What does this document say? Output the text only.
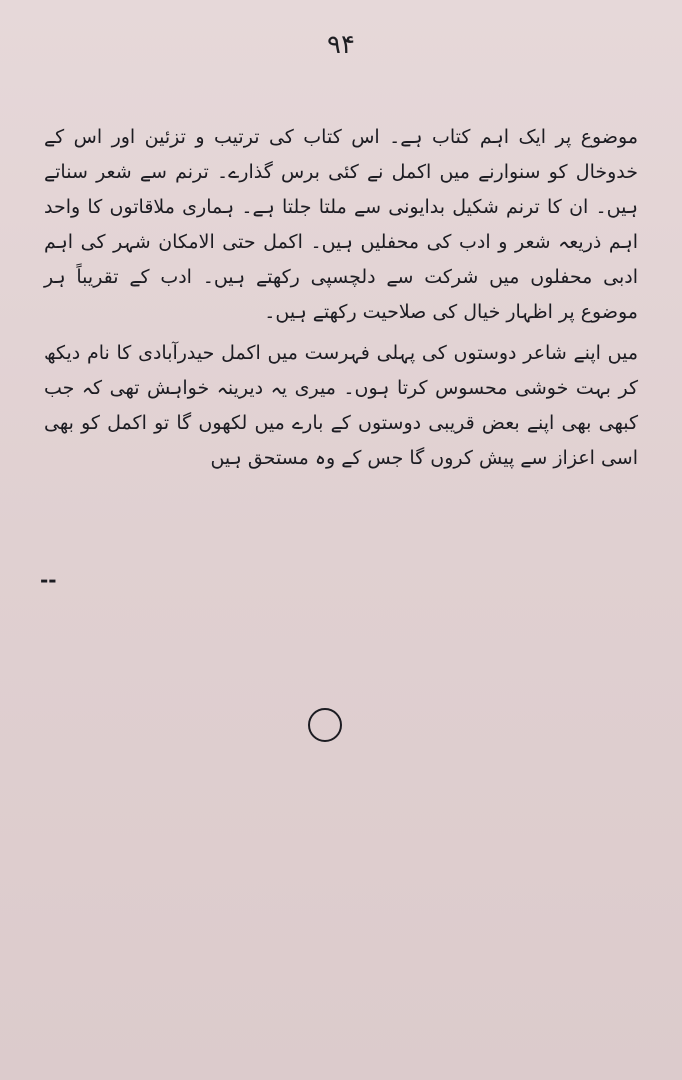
۹۴

موضوع پر ایک اہم کتاب ہے۔ اس کتاب کی ترتیب و تزئین اور اس کے خدوخال کو سنوارنے میں اکمل نے کئی برس گذارے۔ ترنم سے شعر سناتے ہیں۔ ان کا ترنم شکیل بدایونی سے ملتا جلتا ہے۔ ہماری ملاقاتوں کا واحد اہم ذریعہ شعر و ادب کی محفلیں ہیں۔ اکمل حتی الامکان شہر کی اہم ادبی محفلوں میں شرکت سے دلچسپی رکھتے ہیں۔ ادب کے تقریباً ہر موضوع پر اظہار خیال کی صلاحیت رکھتے ہیں۔

میں اپنے شاعر دوستوں کی پہلی فہرست میں اکمل حیدرآبادی کا نام دیکھ کر بہت خوشی محسوس کرتا ہوں۔ میری یہ دیرینہ خواہش تھی کہ جب کبھی بھی اپنے بعض قریبی دوستوں کے بارے میں لکھوں گا تو اکمل کو بھی اسی اعزاز سے پیش کروں گا جس کے وہ مستحق ہیں

--
